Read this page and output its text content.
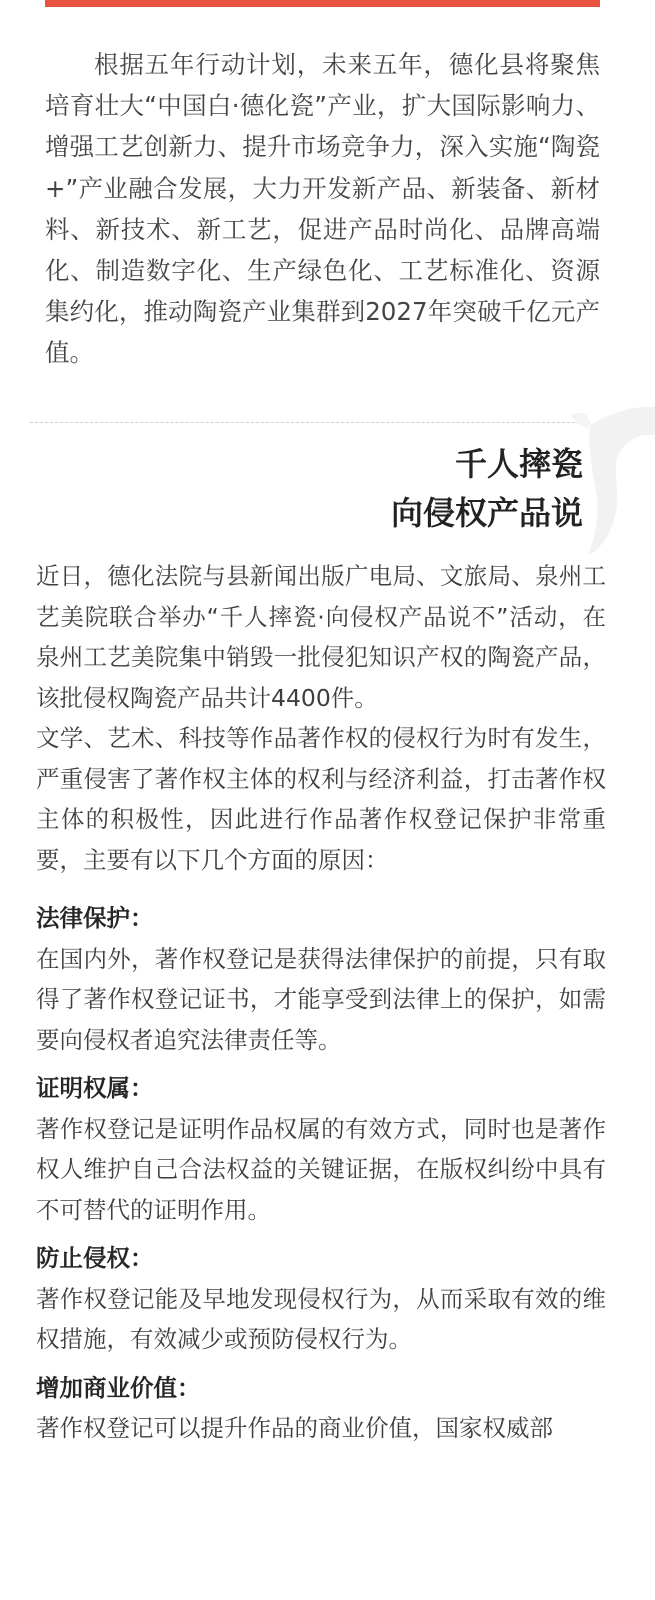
根据五年行动计划，未来五年，德化县将聚焦培育壮大“中国白·德化瓷”产业，扩大国际影响力、增强工艺创新力、提升市场竞争力，深入实施“陶瓷+”产业融合发展，大力开发新产品、新装备、新材料、新技术、新工艺，促进产品时尚化、品牌高端化、制造数字化、生产绿色化、工艺标准化、资源集约化，推动陶瓷产业集群到2027年突破千亿元产值。

千人摔瓷
向侵权产品说

近日，德化法院与县新闻出版广电局、文旅局、泉州工艺美院联合举办“千人摔瓷·向侵权产品说不”活动，在泉州工艺美院集中销毁一批侵犯知识产权的陶瓷产品，该批侵权陶瓷产品共计4400件。

文学、艺术、科技等作品著作权的侵权行为时有发生，严重侵害了著作权主体的权利与经济利益，打击著作权主体的积极性，因此进行作品著作权登记保护非常重要，主要有以下几个方面的原因：

法律保护：

在国内外，著作权登记是获得法律保护的前提，只有取得了著作权登记证书，才能享受到法律上的保护，如需要向侵权者追究法律责任等。

证明权属：

著作权登记是证明作品权属的有效方式，同时也是著作权人维护自己合法权益的关键证据，在版权纠纷中具有不可替代的证明作用。

防止侵权：

著作权登记能及早地发现侵权行为，从而采取有效的维权措施，有效减少或预防侵权行为。

增加商业价值：

著作权登记可以提升作品的商业价值，国家权威部
